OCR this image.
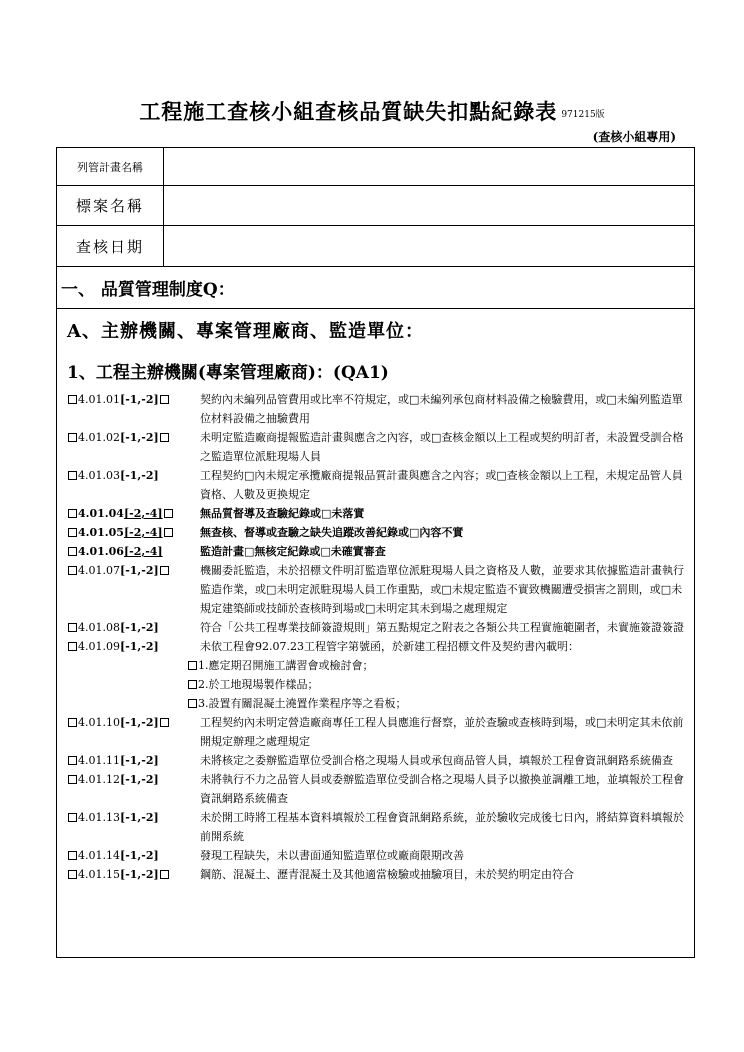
工程施工查核小組查核品質缺失扣點紀錄表 971215版
(查核小組專用)
列管計畫名稱
標案名稱
查核日期
一、 品質管理制度Q：
A、主辦機關、專案管理廠商、監造單位：
1、工程主辦機關(專案管理廠商)：(QA1)
4.01.01[-1,-2]	契約內未編列品管費用或比率不符規定，或□未編列承包商材料設備之檢驗費用，或□未編列監造單位材料設備之抽驗費用
4.01.02[-1,-2]	未明定監造廠商提報監造計畫與應含之內容，或□查核金額以上工程或契約明訂者，未設置受訓合格之監造單位派駐現場人員
4.01.03[-1,-2]	工程契約□內未規定承攬廠商提報品質計畫與應含之內容；或□查核金額以上工程，未規定品管人員資格、人數及更換規定
4.01.04[-2,-4]	無品質督導及查驗紀錄或□未落實
4.01.05[-2,-4]	無查核、督導或查驗之缺失追蹤改善紀錄或□內容不實
4.01.06[-2,-4]	監造計畫□無核定紀錄或□未確實審查
4.01.07[-1,-2]	機關委託監造，未於招標文件明訂監造單位派駐現場人員之資格及人數，並要求其依據監造計畫執行監造作業，或□未明定派駐現場人員工作重點，或□未規定監造不實致機關遭受損害之罰則，或□未規定建築師或技師於查核時到場或□未明定其未到場之處理規定
4.01.08[-1,-2]	符合「公共工程專業技師簽證規則」第五點規定之附表之各類公共工程實施範圍者，未實施簽證簽證
4.01.09[-1,-2]	未依工程會92.07.23工程管字第號函，於新建工程招標文件及契約書內載明：
1.應定期召開施工講習會或檢討會；
2.於工地現場製作樣品；
3.設置有關混凝土澆置作業程序等之看板；
4.01.10[-1,-2]	工程契約內未明定營造廠商專任工程人員應進行督察，並於查驗或查核時到場，或□未明定其未依前開規定辦理之處理規定
4.01.11[-1,-2]	未將核定之委辦監造單位受訓合格之現場人員或承包商品管人員，填報於工程會資訊網路系統備查
4.01.12[-1,-2]	未將執行不力之品管人員或委辦監造單位受訓合格之現場人員予以撤換並調離工地，並填報於工程會資訊網路系統備查
4.01.13[-1,-2]	未於開工時將工程基本資料填報於工程會資訊網路系統，並於驗收完成後七日內，將結算資料填報於前開系統
4.01.14[-1,-2]	發現工程缺失，未以書面通知監造單位或廠商限期改善
4.01.15[-1,-2]	鋼筋、混凝土、瀝青混凝土及其他適當檢驗或抽驗項目，未於契約明定由符合
